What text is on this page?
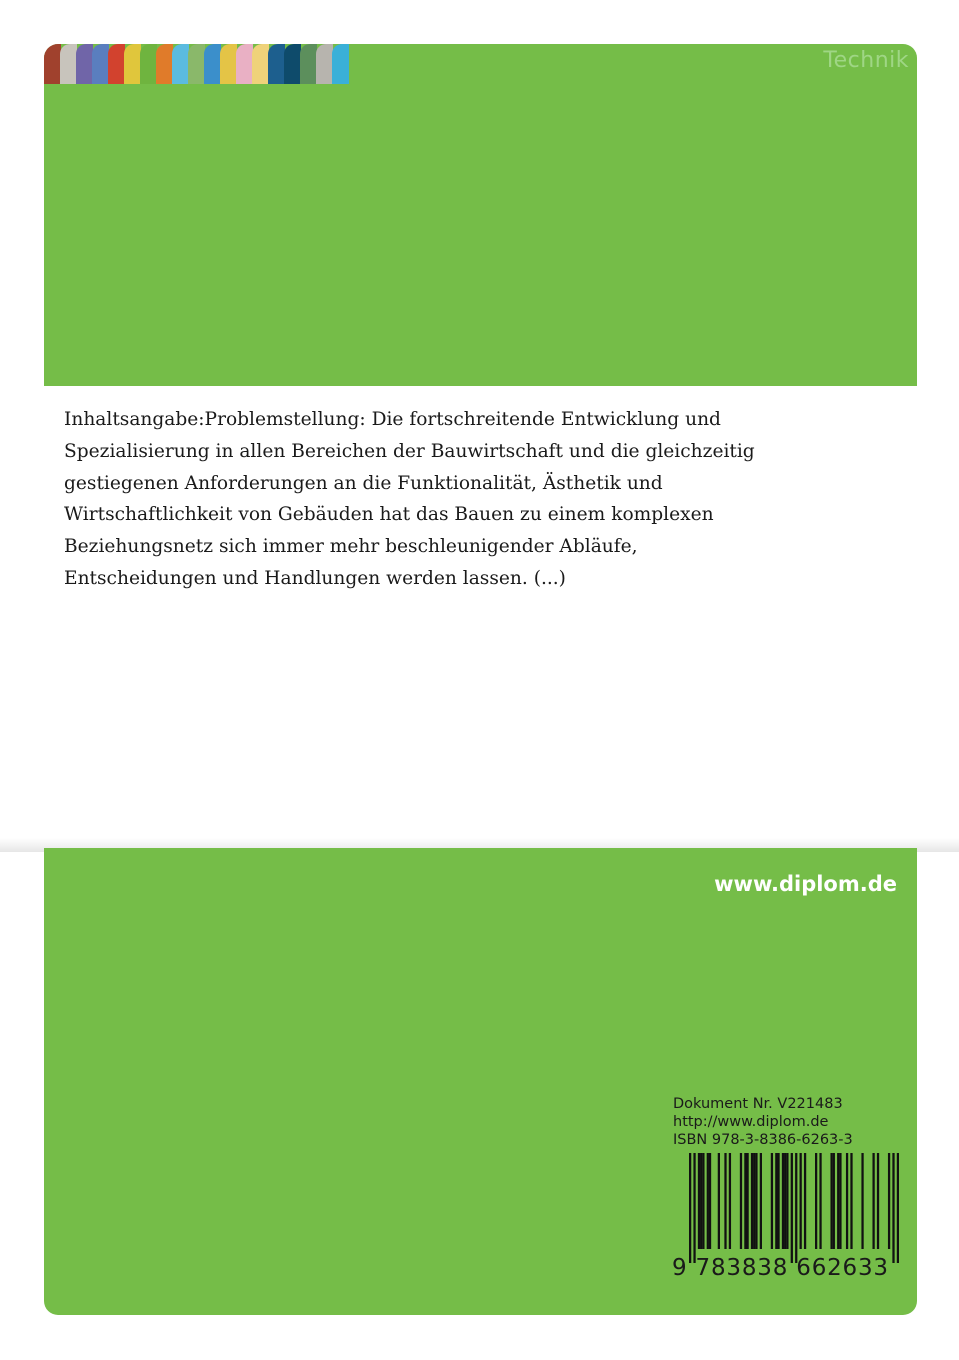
Technik
Inhaltsangabe:Problemstellung: Die fortschreitende Entwicklung und Spezialisierung in allen Bereichen der Bauwirtschaft und die gleichzeitig gestiegenen Anforderungen an die Funktionalität, Ästhetik und Wirtschaftlichkeit von Gebäuden hat das Bauen zu einem komplexen Beziehungsnetz sich immer mehr beschleunigender Abläufe, Entscheidungen und Handlungen werden lassen. (...)
www.diplom.de
Dokument Nr. V221483
http://www.diplom.de
ISBN 978-3-8386-6263-3
9 783838 662633
